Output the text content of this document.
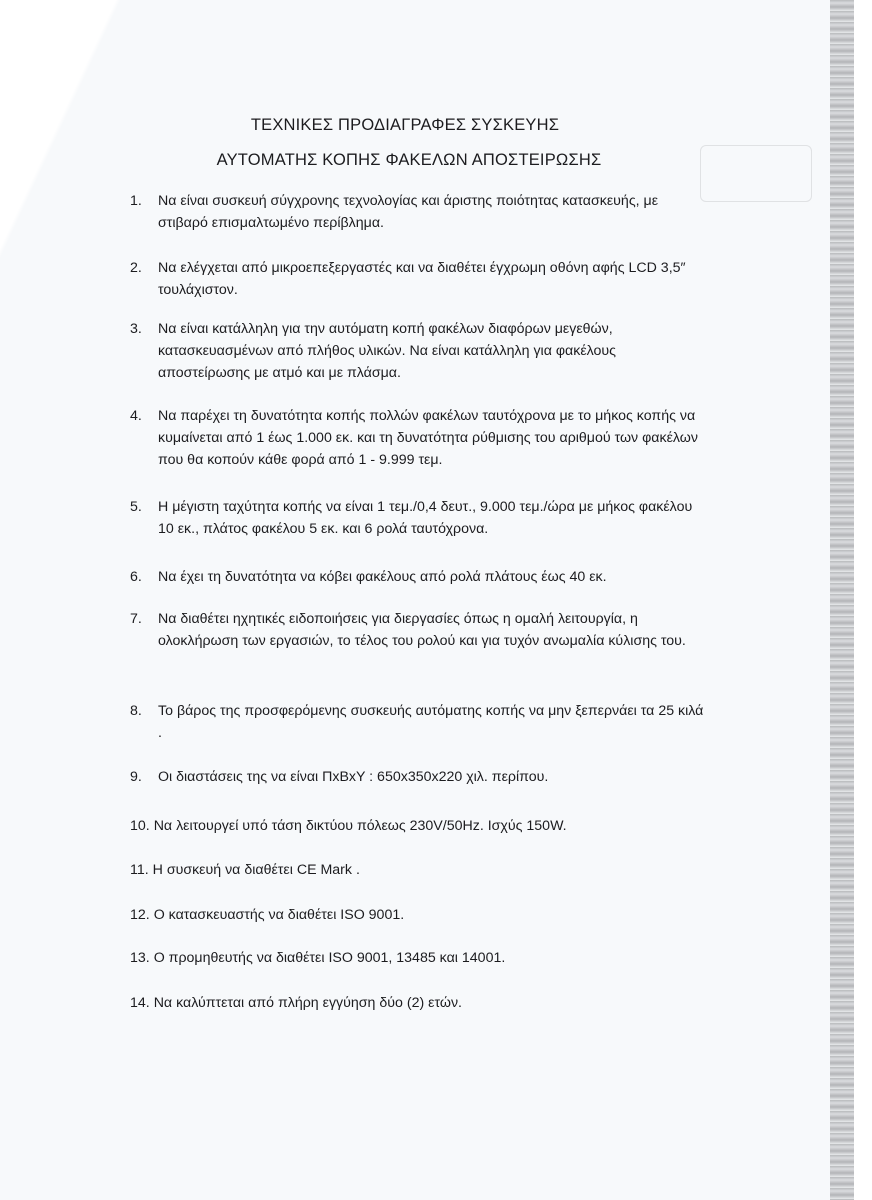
ΤΕΧΝΙΚΕΣ ΠΡΟΔΙΑΓΡΑΦΕΣ ΣΥΣΚΕΥΗΣ
ΑΥΤΟΜΑΤΗΣ ΚΟΠΗΣ ΦΑΚΕΛΩΝ ΑΠΟΣΤΕΙΡΩΣΗΣ
1.	Να είναι συσκευή σύγχρονης τεχνολογίας και άριστης ποιότητας κατασκευής, με στιβαρό επισμαλτωμένο περίβλημα.
2.	Να ελέγχεται από μικροεπεξεργαστές και να διαθέτει έγχρωμη οθόνη αφής LCD 3,5″ τουλάχιστον.
3.	Να είναι κατάλληλη για την αυτόματη κοπή φακέλων διαφόρων μεγεθών, κατασκευασμένων από πλήθος υλικών. Να είναι κατάλληλη για φακέλους αποστείρωσης με ατμό και με πλάσμα.
4.	Να παρέχει τη δυνατότητα κοπής πολλών φακέλων ταυτόχρονα με το μήκος κοπής να κυμαίνεται από 1 έως 1.000 εκ. και τη δυνατότητα ρύθμισης του αριθμού των φακέλων που θα κοπούν κάθε φορά από 1 - 9.999 τεμ.
5.	Η μέγιστη ταχύτητα κοπής να είναι 1 τεμ./0,4 δευτ., 9.000 τεμ./ώρα με μήκος φακέλου 10 εκ., πλάτος φακέλου 5 εκ. και 6 ρολά ταυτόχρονα.
6.	Να έχει τη δυνατότητα να κόβει φακέλους από ρολά πλάτους έως 40 εκ.
7.	Να διαθέτει ηχητικές ειδοποιήσεις για διεργασίες όπως η ομαλή λειτουργία, η ολοκλήρωση των εργασιών, το τέλος του ρολού και για τυχόν ανωμαλία κύλισης του.
8.	Το βάρος της προσφερόμενης συσκευής αυτόματης κοπής να μην ξεπερνάει τα 25 κιλά .
9.	Οι διαστάσεις της να είναι ΠxΒxΥ : 650x350x220 χιλ. περίπου.
10. Να λειτουργεί υπό τάση δικτύου πόλεως 230V/50Hz. Ισχύς 150W.
11. Η συσκευή να διαθέτει CE Mark .
12. Ο κατασκευαστής να διαθέτει ISO 9001.
13. Ο προμηθευτής να διαθέτει ISO 9001, 13485 και 14001.
14. Να καλύπτεται από πλήρη εγγύηση δύο (2) ετών.
